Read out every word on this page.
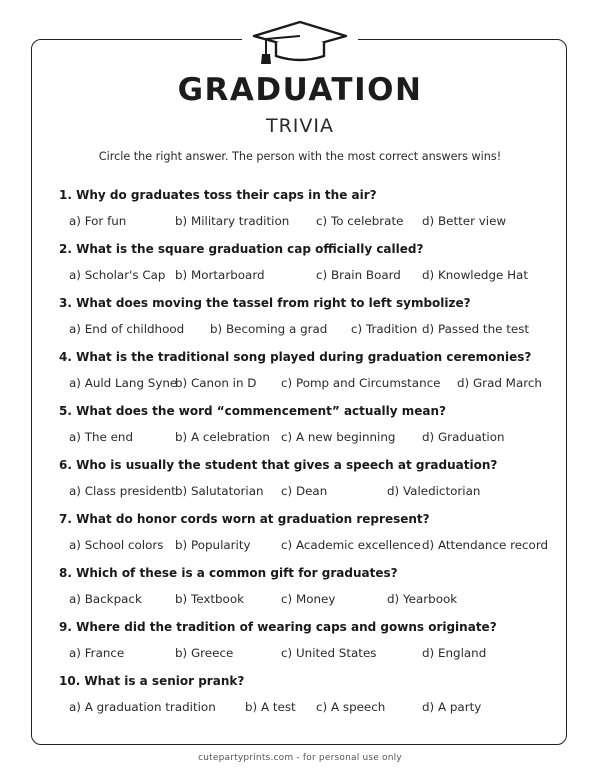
GRADUATION
TRIVIA
Circle the right answer. The person with the most correct answers wins!
1. Why do graduates toss their caps in the air?
a) For fun	b) Military tradition c) To celebrate d) Better view
2. What is the square graduation cap officially called?
a) Scholar's Cap b) Mortarboard	c) Brain Board d) Knowledge Hat
3. What does moving the tassel from right to left symbolize?
a) End of childhood b) Becoming a grad c) Tradition d) Passed the test
4. What is the traditional song played during graduation ceremonies?
a) Auld Lang Syne
b) Canon in D c) Pomp and Circumstance d) Grad March
5. What does the word “commencement” actually mean?
a) The end	b) A celebration c) A new beginning d) Graduation
6. Who is usually the student that gives a speech at graduation?
a) Class president b) Salutatorian c) Dean	d) Valedictorian
7. What do honor cords worn at graduation represent?
a) School colors b) Popularity	c) Academic excellence d) Attendance record
8. Which of these is a common gift for graduates?
a) Backpack	b) Textbook	c) Money	d) Yearbook
9. Where did the tradition of wearing caps and gowns originate?
a) France	b) Greece	c) United States	d) England
10. What is a senior prank?
a) A graduation tradition b) A test c) A speech	d) A party
cutepartyprints.com - for personal use only
